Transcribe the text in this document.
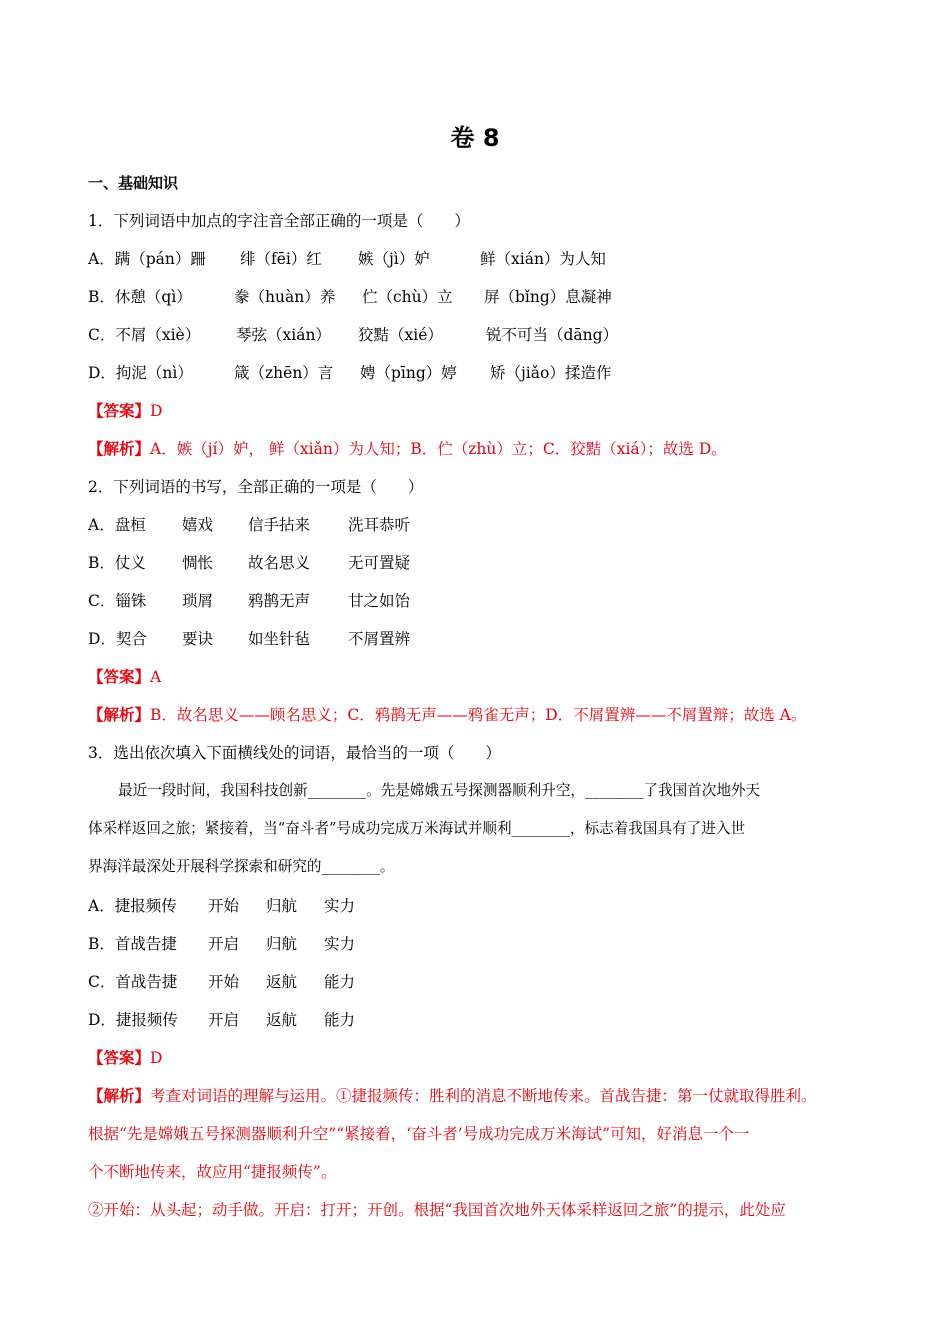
卷 8
一、基础知识
1．下列词语中加点的字注音全部正确的一项是（　　）
A．蹒（pán）跚 绯（fēi）红 嫉（jì）妒	鲜（xián）为人知
B．休憩（qì）	豢（huàn）养 伫（chù）立 屏（bǐng）息凝神
C．不屑（xiè） 琴弦（xián） 狡黠（xié）	锐不可当（dāng）
D．拘泥（nì）	箴（zhēn）言 娉（pīng）婷 矫（jiǎo）揉造作
【答案】D
【解析】A．嫉（jí）妒， 鲜（xiǎn）为人知；B．伫（zhù）立；C．狡黠（xiá）；故选 D。
2．下列词语的书写，全部正确的一项是（　　）
A．盘桓 嬉戏 信手拈来 洗耳恭听
B．仗义 惆怅 故名思义 无可置疑
C．锱铢 琐屑 鸦鹊无声 甘之如饴
D．契合 要诀 如坐针毡 不屑置辨
【答案】A
【解析】B．故名思义——顾名思义；C．鸦鹊无声——鸦雀无声；D．不屑置辨——不屑置辩；故选 A。
3．选出依次填入下面横线处的词语，最恰当的一项（　　）
最近一段时间，我国科技创新________。先是嫦娥五号探测器顺利升空，________了我国首次地外天
体采样返回之旅；紧接着，当“奋斗者”号成功完成万米海试并顺利________，标志着我国具有了进入世
界海洋最深处开展科学探索和研究的________。
A．捷报频传 开始 归航 实力
B．首战告捷 开启 归航 实力
C．首战告捷 开始 返航 能力
D．捷报频传 开启 返航 能力
【答案】D
【解析】考查对词语的理解与运用。①捷报频传：胜利的消息不断地传来。首战告捷：第一仗就取得胜利。
根据“先是嫦娥五号探测器顺利升空”“紧接着，‘奋斗者’号成功完成万米海试”可知，好消息一个一
个不断地传来，故应用“捷报频传”。
②开始：从头起；动手做。开启：打开；开创。根据“我国首次地外天体采样返回之旅”的提示，此处应
